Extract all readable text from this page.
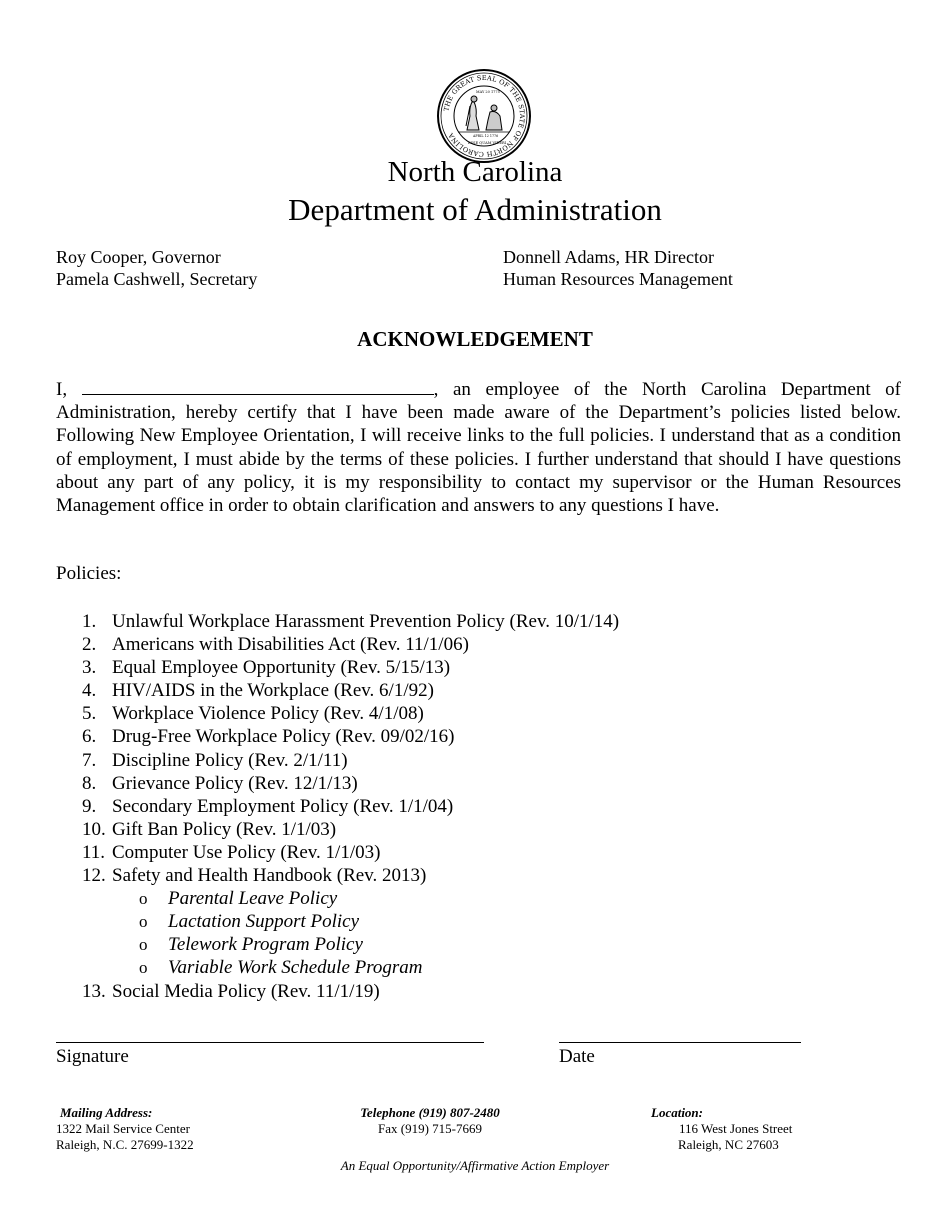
THE GREAT SEAL OF THE STATE OF NORTH CAROLINA
MAY 20 1775
APRIL 12 1776
ESSE QUAM VIDERI
North Carolina
Department of Administration
Roy Cooper, Governor
Pamela Cashwell, Secretary
Donnell Adams, HR Director
Human Resources Management
ACKNOWLEDGEMENT
I,	, an employee of the North Carolina Department of Administration, hereby certify that I have been made aware of the Department’s policies listed below. Following New Employee Orientation, I will receive links to the full policies. I understand that as a condition of employment, I must abide by the terms of these policies. I further understand that should I have questions about any part of any policy, it is my responsibility to contact my supervisor or the Human Resources Management office in order to obtain clarification and answers to any questions I have.
Policies:
1. Unlawful Workplace Harassment Prevention Policy (Rev. 10/1/14)
2. Americans with Disabilities Act (Rev. 11/1/06)
3. Equal Employee Opportunity (Rev. 5/15/13)
4. HIV/AIDS in the Workplace (Rev. 6/1/92)
5. Workplace Violence Policy (Rev. 4/1/08)
6. Drug-Free Workplace Policy (Rev. 09/02/16)
7. Discipline Policy (Rev. 2/1/11)
8. Grievance Policy (Rev. 12/1/13)
9. Secondary Employment Policy (Rev. 1/1/04)
10. Gift Ban Policy (Rev. 1/1/03)
11. Computer Use Policy (Rev. 1/1/03)
12. Safety and Health Handbook (Rev. 2013)
o Parental Leave Policy
o Lactation Support Policy
o Telework Program Policy
o Variable Work Schedule Program
13. Social Media Policy (Rev. 11/1/19)
Signature	Date
Mailing Address:
1322 Mail Service Center
Raleigh, N.C. 27699-1322
Telephone (919) 807-2480
Fax (919) 715-7669
Location:
116 West Jones Street
Raleigh, NC 27603
An Equal Opportunity/Affirmative Action Employer
